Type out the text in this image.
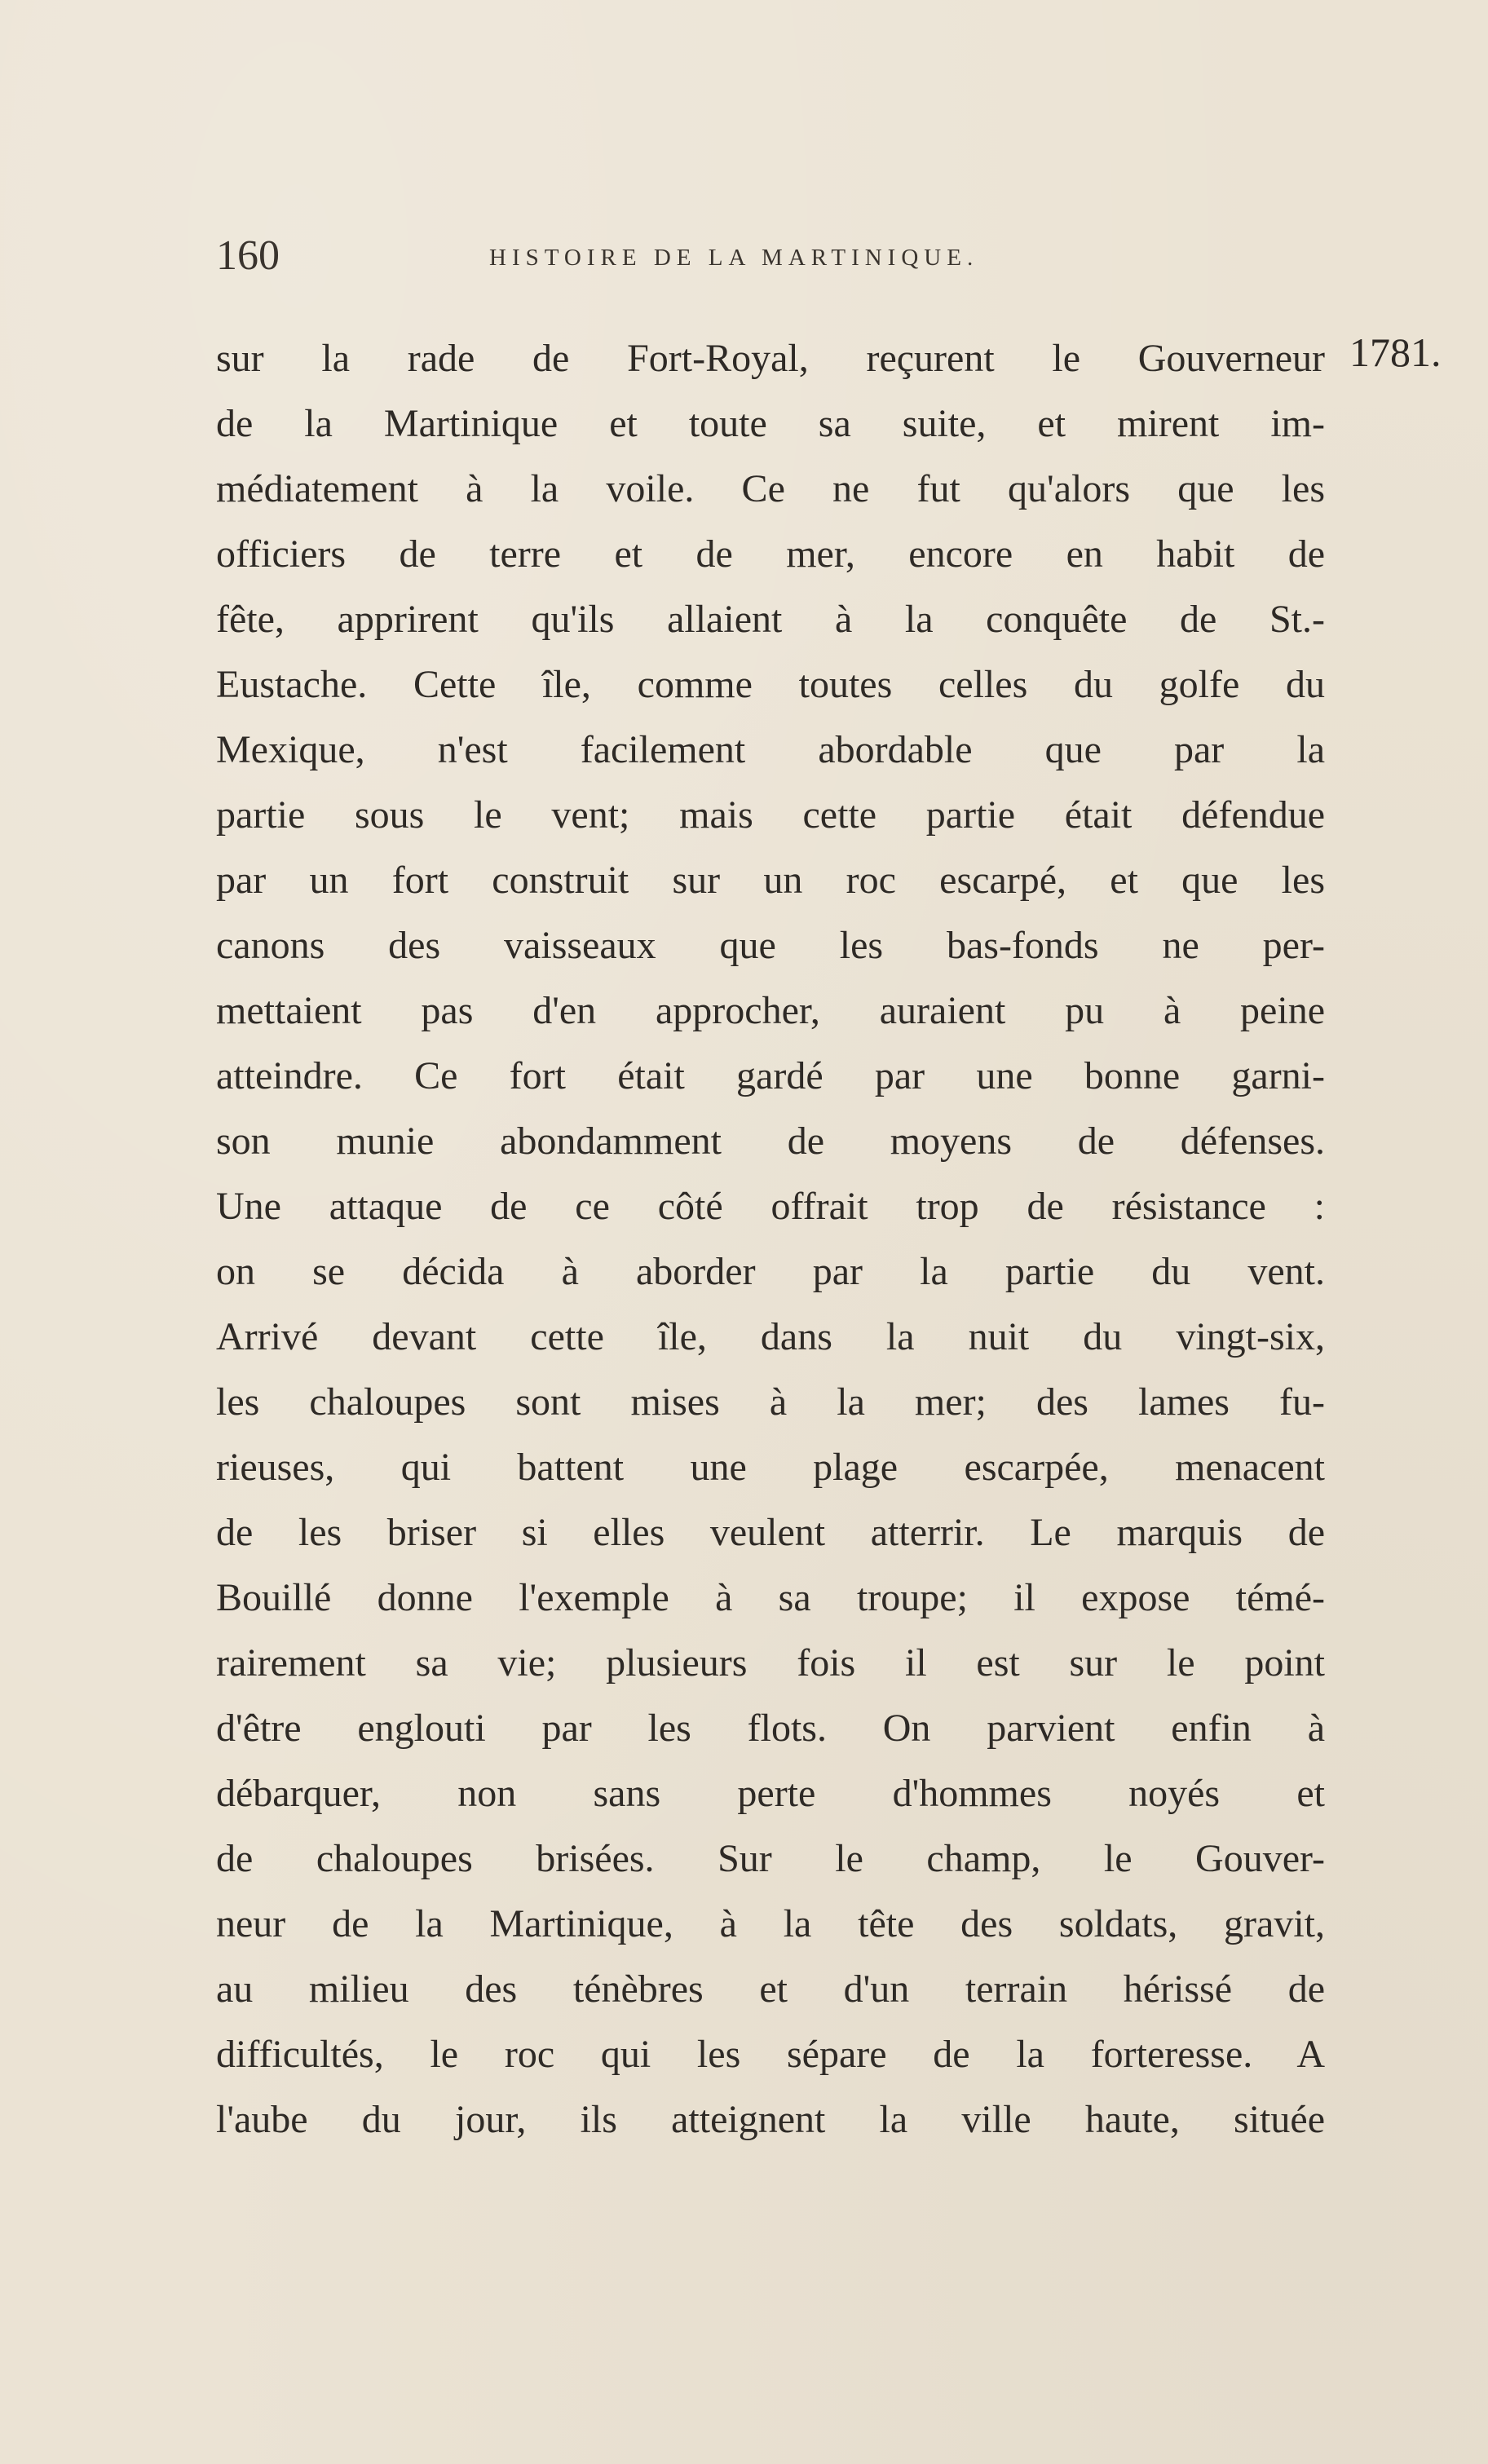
160	HISTOIRE DE LA MARTINIQUE.
1781.
sur la rade de Fort-Royal, reçurent le Gouverneur
de la Martinique et toute sa suite, et mirent im-
médiatement à la voile. Ce ne fut qu'alors que les
officiers de terre et de mer, encore en habit de
fête, apprirent qu'ils allaient à la conquête de St.-
Eustache. Cette île, comme toutes celles du golfe du
Mexique, n'est facilement abordable que par la
partie sous le vent; mais cette partie était défendue
par un fort construit sur un roc escarpé, et que les
canons des vaisseaux que les bas-fonds ne per-
mettaient pas d'en approcher, auraient pu à peine
atteindre. Ce fort était gardé par une bonne garni-
son munie abondamment de moyens de défenses.
Une attaque de ce côté offrait trop de résistance :
on se décida à aborder par la partie du vent.
Arrivé devant cette île, dans la nuit du vingt-six,
les chaloupes sont mises à la mer; des lames fu-
rieuses, qui battent une plage escarpée, menacent
de les briser si elles veulent atterrir. Le marquis de
Bouillé donne l'exemple à sa troupe; il expose témé-
rairement sa vie; plusieurs fois il est sur le point
d'être englouti par les flots. On parvient enfin à
débarquer, non sans perte d'hommes noyés et
de chaloupes brisées. Sur le champ, le Gouver-
neur de la Martinique, à la tête des soldats, gravit,
au milieu des ténèbres et d'un terrain hérissé de
difficultés, le roc qui les sépare de la forteresse. A
l'aube du jour, ils atteignent la ville haute, située
